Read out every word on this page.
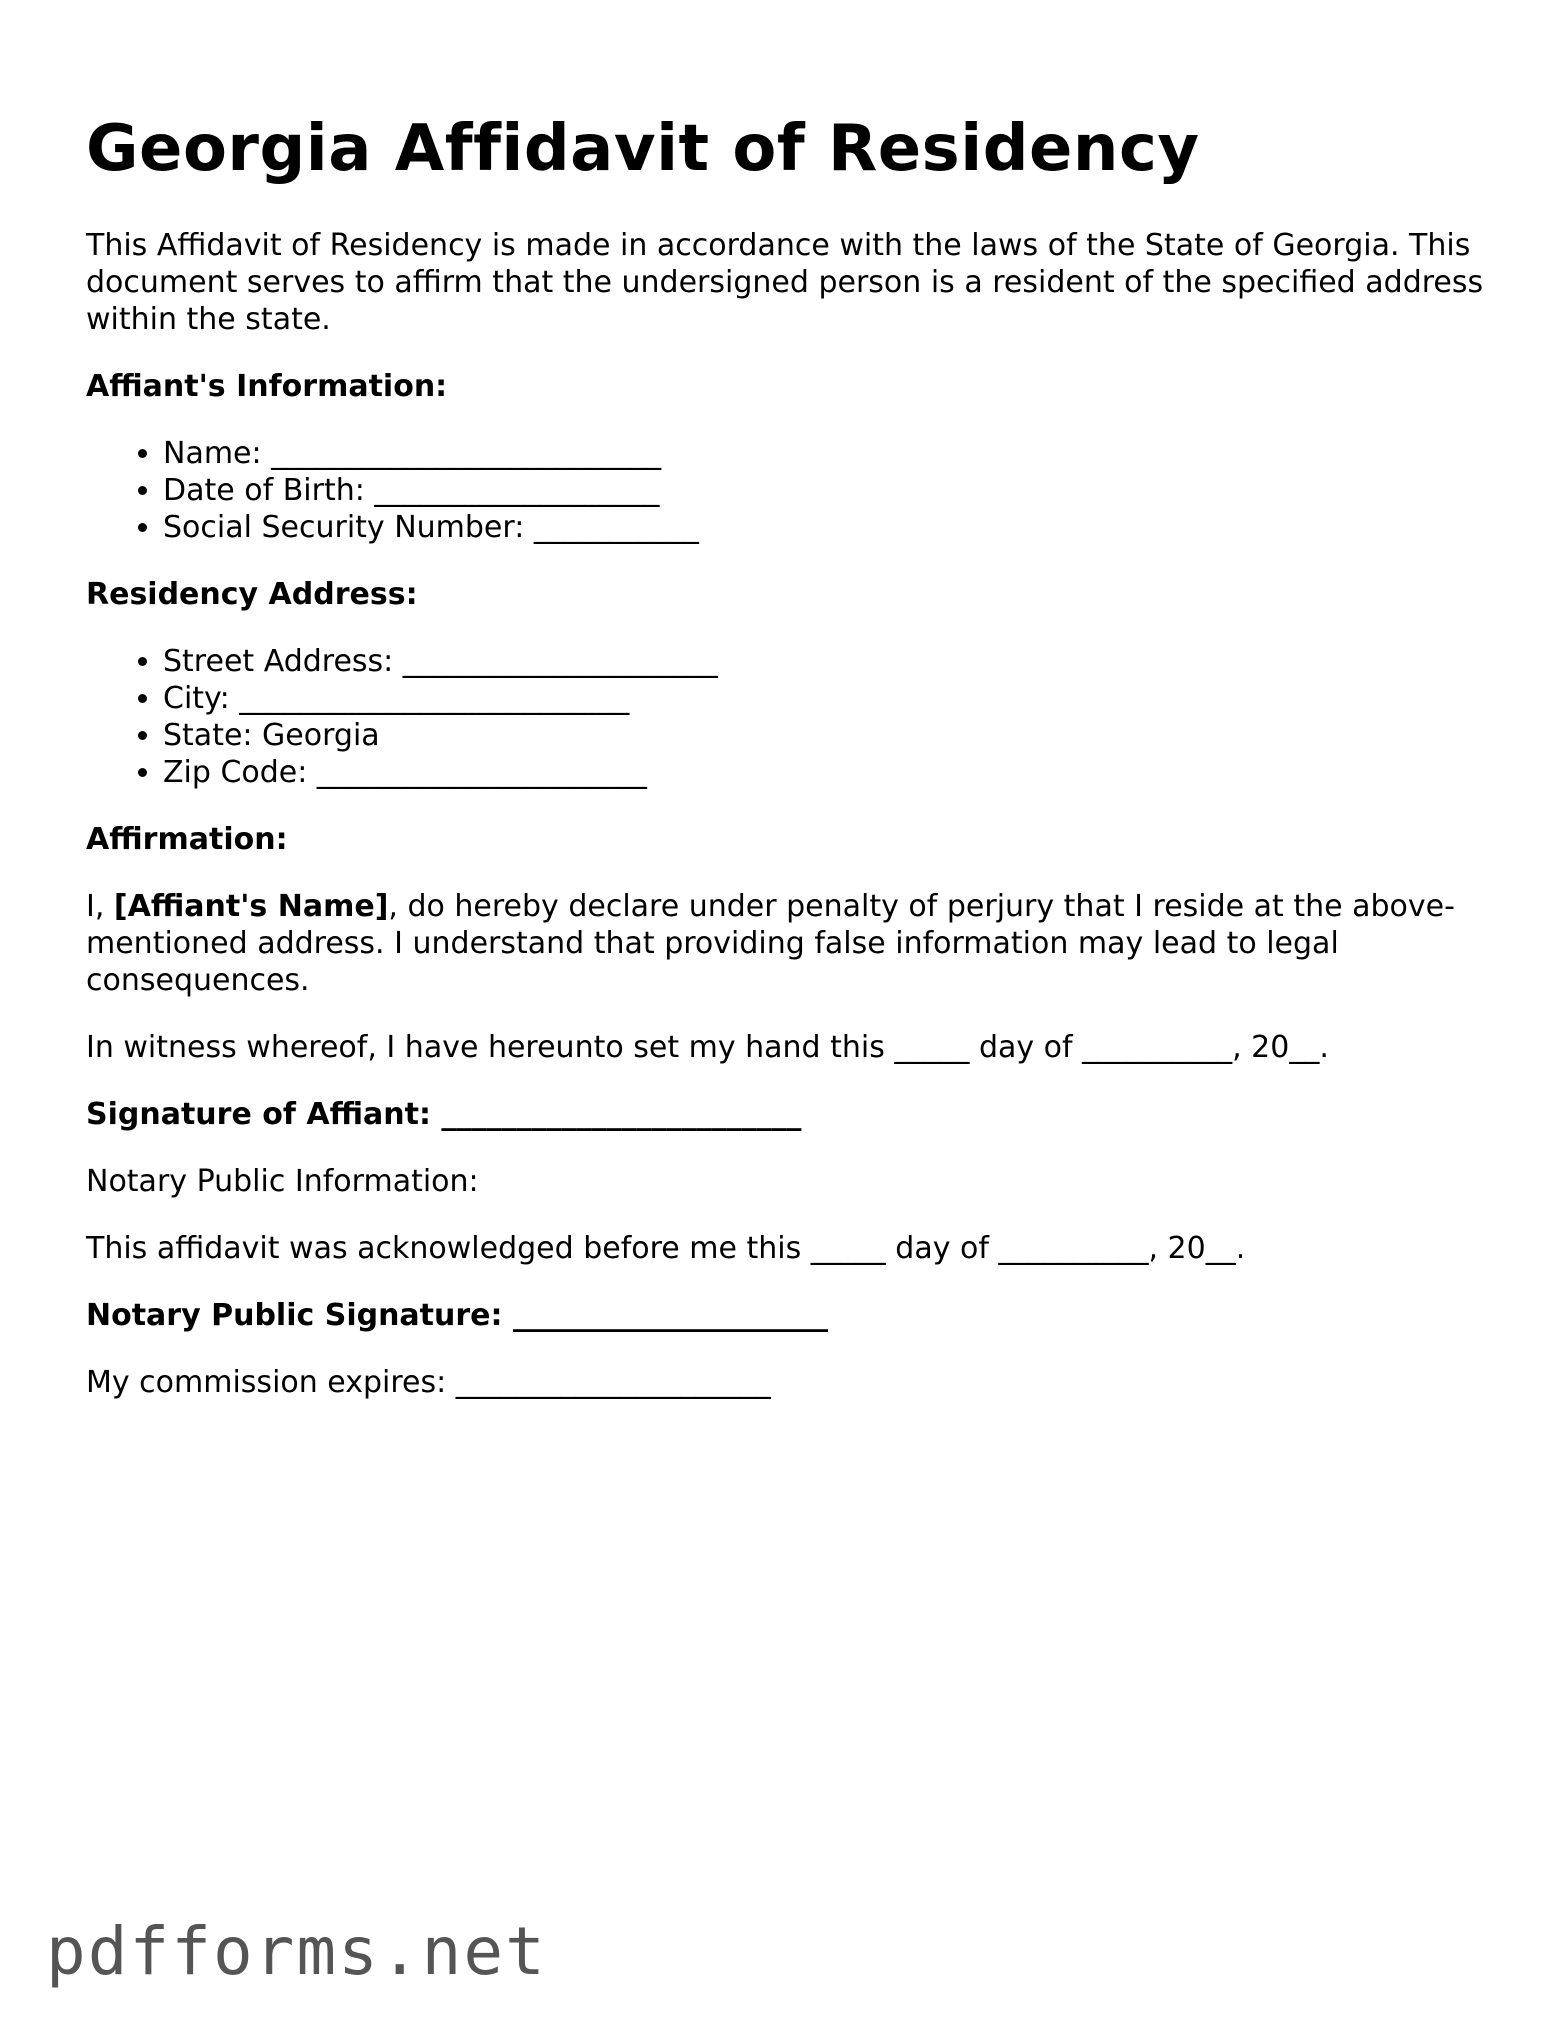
Georgia Affidavit of Residency

This Affidavit of Residency is made in accordance with the laws of the State of Georgia. This document serves to affirm that the undersigned person is a resident of the specified address within the state.

Affiant's Information:
• Name: __________________________
• Date of Birth: ___________________
• Social Security Number: ___________
Residency Address:
• Street Address: _____________________
• City: __________________________
• State: Georgia
• Zip Code: ______________________
Affirmation:

I, [Affiant's Name], do hereby declare under penalty of perjury that I reside at the above-mentioned address. I understand that providing false information may lead to legal consequences.

In witness whereof, I have hereunto set my hand this _____ day of __________, 20__.

Signature of Affiant: ________________________

Notary Public Information:

This affidavit was acknowledged before me this _____ day of __________, 20__.

Notary Public Signature: _____________________

My commission expires: _____________________

pdfforms.net
